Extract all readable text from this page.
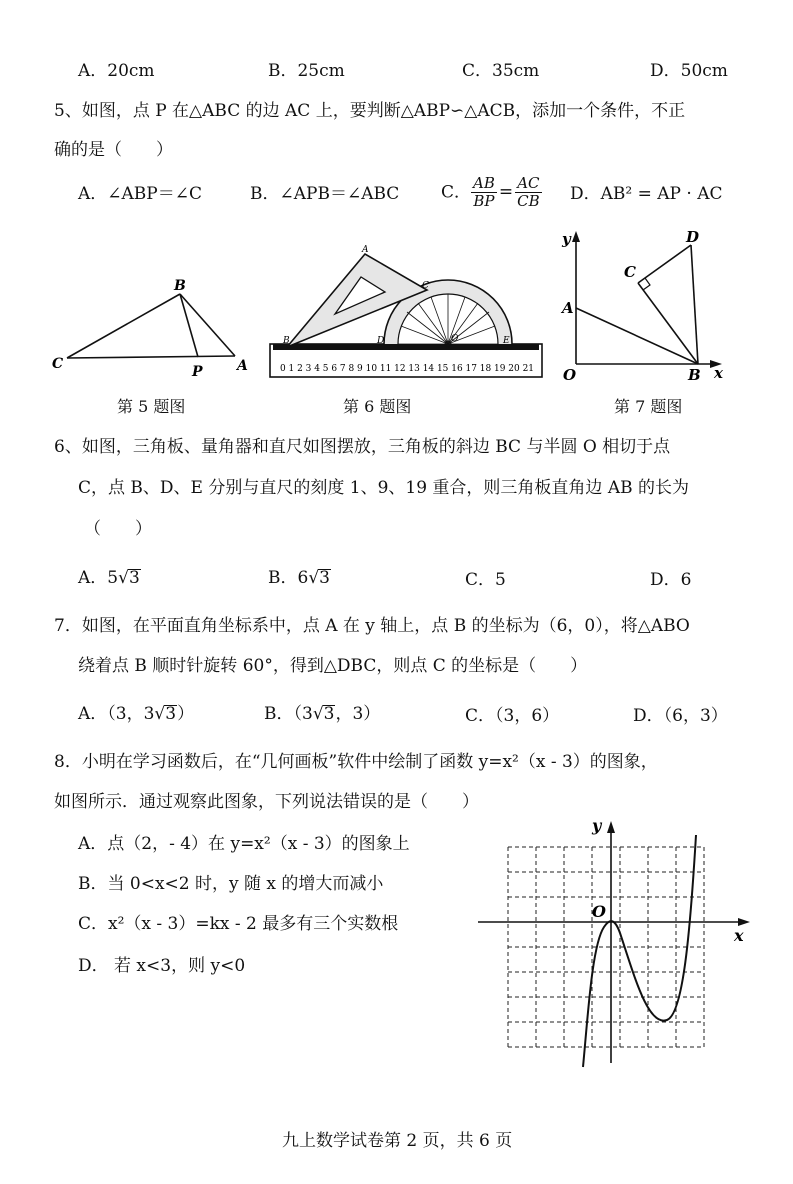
A．20cm	B．25cm	C．35cm	D．50cm
5、如图，点 P 在△ABC 的边 AC 上，要判断△ABP∽△ACB，添加一个条件，不正
确的是（　　）
A．∠ABP＝∠C	B．∠APB＝∠ABC C． $\frac{AB}{BP} = \frac{AC}{CB}$ D．AB² = AP · AC
B
C	P A
第 5 题图
0 1 2 3 4 5 6 7 8 9 10 11 12 13 14 15 16 17 18 19 20 21
A
C
B	D	O	E
第 6 题图
y	D
C
A
O	B x
第 7 题图
6、如图，三角板、量角器和直尺如图摆放，三角板的斜边 BC 与半圆 O 相切于点
C，点 B、D、E 分别与直尺的刻度 1、9、19 重合，则三角板直角边 AB 的长为
（　　）
A．5√3	B．6√3	C．5	D．6
7．如图，在平面直角坐标系中，点 A 在 y 轴上，点 B 的坐标为（6，0），将△ABO
绕着点 B 顺时针旋转 60°，得到△DBC，则点 C 的坐标是（　　）
A．（3，3√3）	B．（3√3，3）	C．（3，6）	D．（6，3）
8．小明在学习函数后，在“几何画板”软件中绘制了函数 y=x²（x - 3）的图象，
如图所示．通过观察此图象，下列说法错误的是（　　）
A．点（2，- 4）在 y=x²（x - 3）的图象上
B．当 0<x<2 时，y 随 x 的增大而减小
C．x²（x - 3）=kx - 2 最多有三个实数根
D． 若 x<3，则 y<0
y
O
x
九上数学试卷第 2 页，共 6 页
